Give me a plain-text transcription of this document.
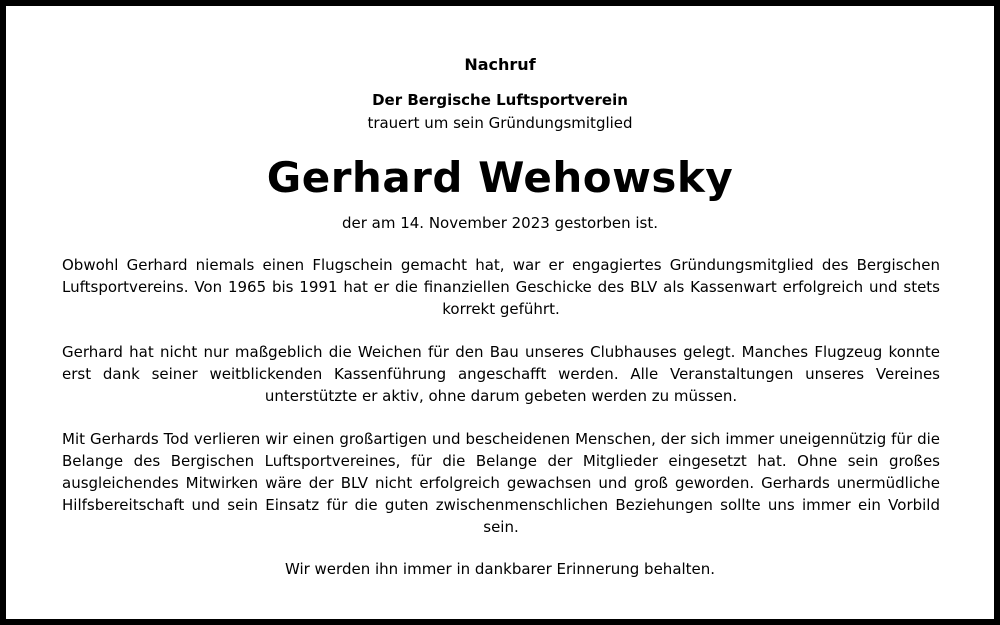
Nachruf
Der Bergische Luftsportverein
trauert um sein Gründungsmitglied
Gerhard Wehowsky
der am 14. November 2023 gestorben ist.

Obwohl Gerhard niemals einen Flugschein gemacht hat, war er engagiertes Gründungsmitglied des Bergischen Luftsportvereins. Von 1965 bis 1991 hat er die finanziellen Geschicke des BLV als Kassenwart erfolgreich und stets korrekt geführt.

Gerhard hat nicht nur maßgeblich die Weichen für den Bau unseres Clubhauses gelegt. Manches Flugzeug konnte erst dank seiner weitblickenden Kassenführung angeschafft werden. Alle Veranstaltungen unseres Vereines unterstützte er aktiv, ohne darum gebeten werden zu müssen.

Mit Gerhards Tod verlieren wir einen großartigen und bescheidenen Menschen, der sich immer uneigennützig für die Belange des Bergischen Luftsportvereines, für die Belange der Mitglieder eingesetzt hat. Ohne sein großes ausgleichendes Mitwirken wäre der BLV nicht erfolgreich gewachsen und groß geworden. Gerhards unermüdliche Hilfsbereitschaft und sein Einsatz für die guten zwischenmenschlichen Beziehungen sollte uns immer ein Vorbild sein.

Wir werden ihn immer in dankbarer Erinnerung behalten.
